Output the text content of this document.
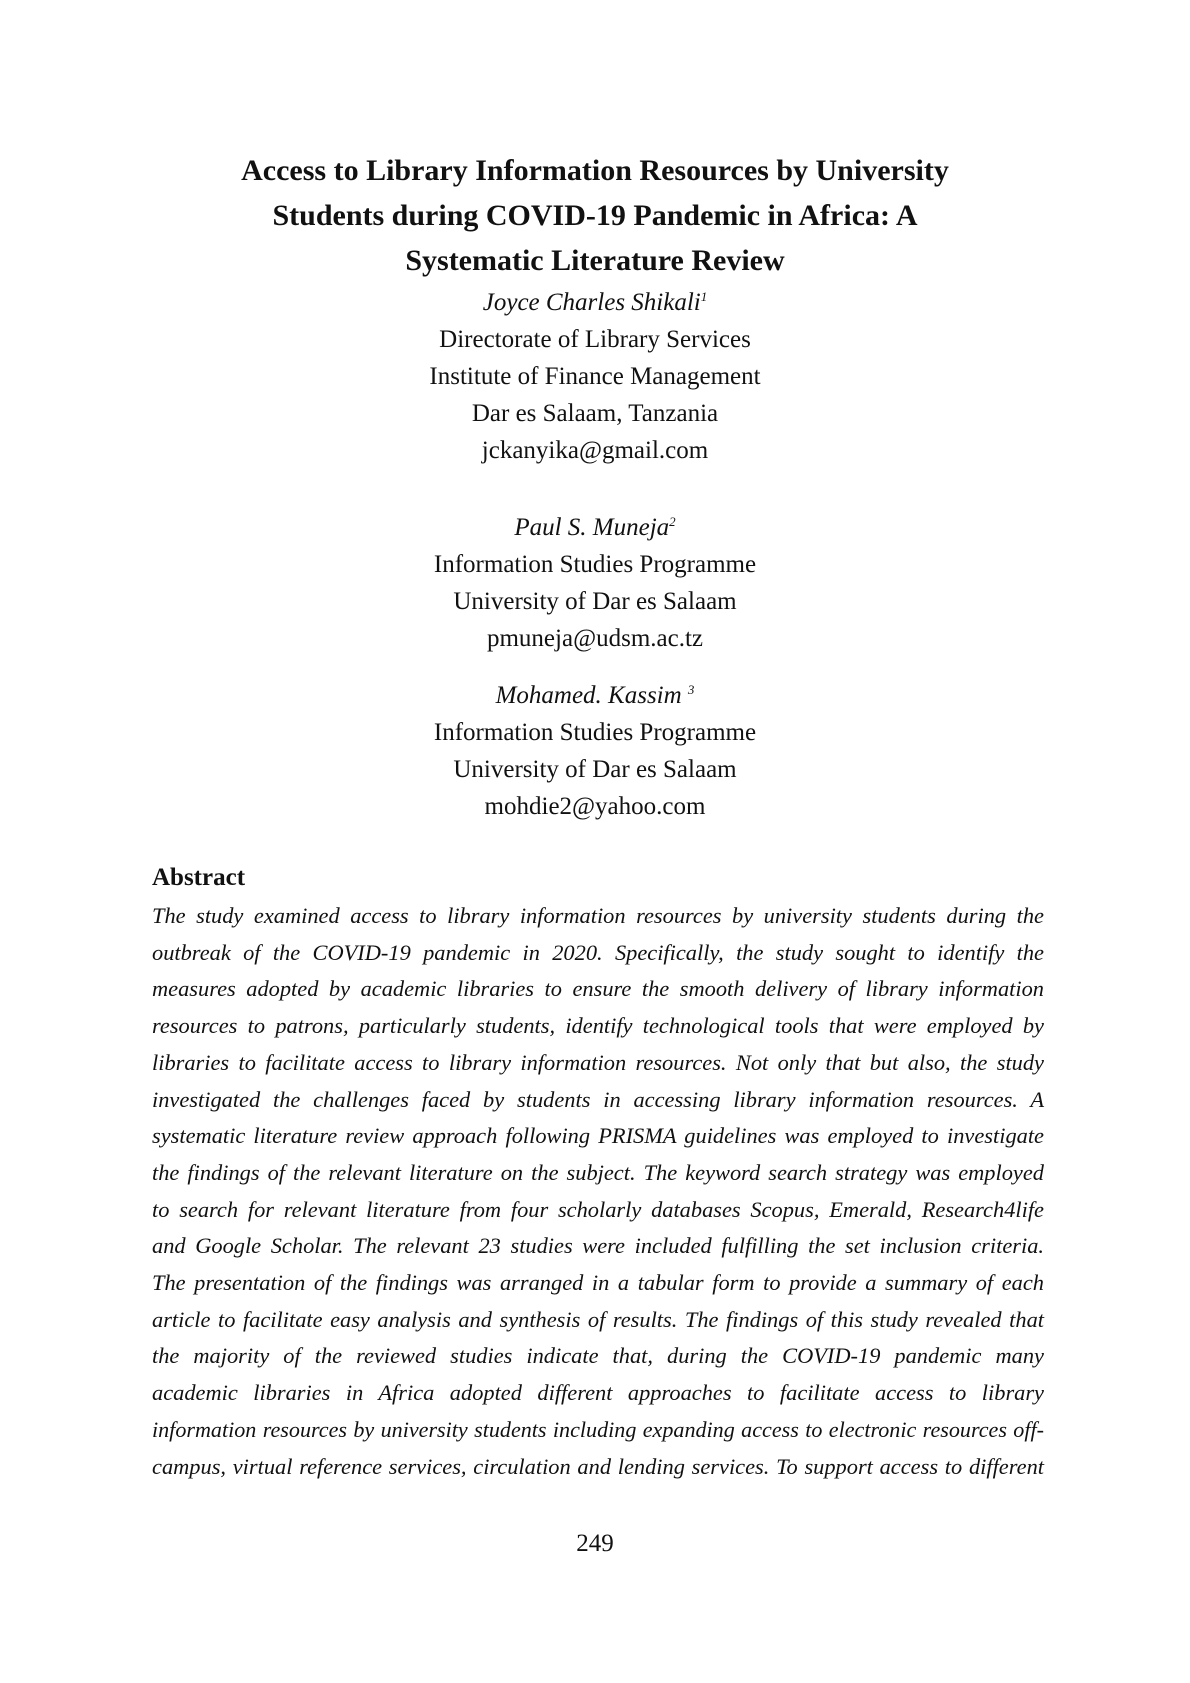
Access to Library Information Resources by University
Students during COVID-19 Pandemic in Africa: A
Systematic Literature Review
Joyce Charles Shikali$^1$
Directorate of Library Services
Institute of Finance Management
Dar es Salaam, Tanzania
jckanyika@gmail.com
Paul S. Muneja$^2$
Information Studies Programme
University of Dar es Salaam
pmuneja@udsm.ac.tz
Mohamed. Kassim $^3$
Information Studies Programme
University of Dar es Salaam
mohdie2@yahoo.com
Abstract
The study examined access to library information resources by university students during the
outbreak of the COVID-19 pandemic in 2020. Specifically, the study sought to identify the
measures adopted by academic libraries to ensure the smooth delivery of library information
resources to patrons, particularly students, identify technological tools that were employed by
libraries to facilitate access to library information resources. Not only that but also, the study
investigated the challenges faced by students in accessing library information resources. A
systematic literature review approach following PRISMA guidelines was employed to investigate
the findings of the relevant literature on the subject. The keyword search strategy was employed
to search for relevant literature from four scholarly databases Scopus, Emerald, Research4life
and Google Scholar. The relevant 23 studies were included fulfilling the set inclusion criteria.
The presentation of the findings was arranged in a tabular form to provide a summary of each
article to facilitate easy analysis and synthesis of results. The findings of this study revealed that
the majority of the reviewed studies indicate that, during the COVID-19 pandemic many
academic libraries in Africa adopted different approaches to facilitate access to library
information resources by university students including expanding access to electronic resources off-
campus, virtual reference services, circulation and lending services. To support access to different
249
